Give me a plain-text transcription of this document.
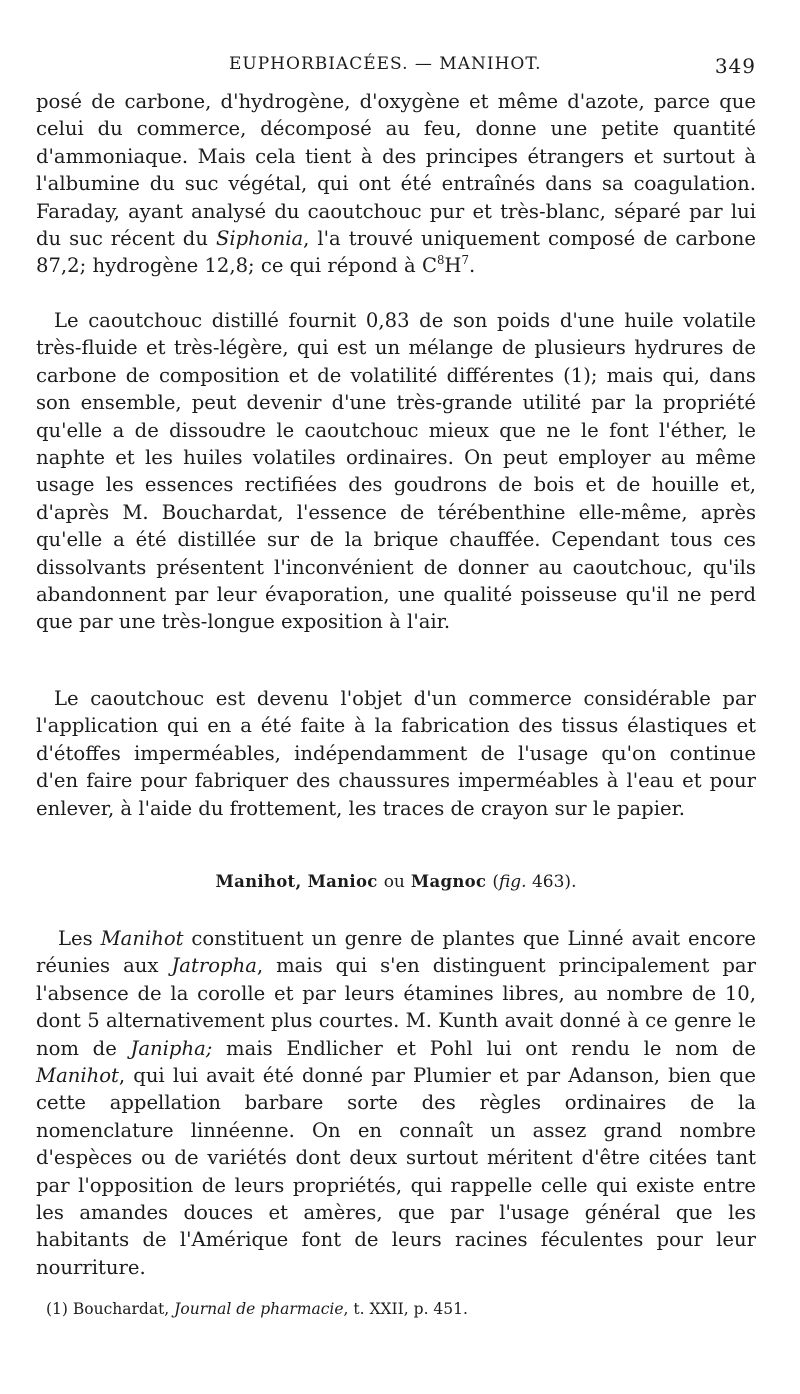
EUPHORBIACÉES. — MANIHOT.	349
posé de carbone, d'hydrogène, d'oxygène et même d'azote, parce que celui du commerce, décomposé au feu, donne une petite quantité d'ammoniaque. Mais cela tient à des principes étrangers et surtout à l'albumine du suc végétal, qui ont été entraînés dans sa coagulation. Faraday, ayant analysé du caoutchouc pur et très-blanc, séparé par lui du suc récent du Siphonia, l'a trouvé uniquement composé de carbone 87,2; hydrogène 12,8; ce qui répond à $C^8H^7$.
Le caoutchouc distillé fournit 0,83 de son poids d'une huile volatile très-fluide et très-légère, qui est un mélange de plusieurs hydrures de carbone de composition et de volatilité différentes (1); mais qui, dans son ensemble, peut devenir d'une très-grande utilité par la propriété qu'elle a de dissoudre le caoutchouc mieux que ne le font l'éther, le naphte et les huiles volatiles ordinaires. On peut employer au même usage les essences rectifiées des goudrons de bois et de houille et, d'après M. Bouchardat, l'essence de térébenthine elle-même, après qu'elle a été distillée sur de la brique chauffée. Cependant tous ces dissolvants présentent l'inconvénient de donner au caoutchouc, qu'ils abandonnent par leur évaporation, une qualité poisseuse qu'il ne perd que par une très-longue exposition à l'air.
Le caoutchouc est devenu l'objet d'un commerce considérable par l'application qui en a été faite à la fabrication des tissus élastiques et d'étoffes imperméables, indépendamment de l'usage qu'on continue d'en faire pour fabriquer des chaussures imperméables à l'eau et pour enlever, à l'aide du frottement, les traces de crayon sur le papier.
Manihot, Manioc ou Magnoc (fig. 463).
Les Manihot constituent un genre de plantes que Linné avait encore réunies aux Jatropha, mais qui s'en distinguent principalement par l'absence de la corolle et par leurs étamines libres, au nombre de 10, dont 5 alternativement plus courtes. M. Kunth avait donné à ce genre le nom de Janipha; mais Endlicher et Pohl lui ont rendu le nom de Manihot, qui lui avait été donné par Plumier et par Adanson, bien que cette appellation barbare sorte des règles ordinaires de la nomenclature linnéenne. On en connaît un assez grand nombre d'espèces ou de variétés dont deux surtout méritent d'être citées tant par l'opposition de leurs propriétés, qui rappelle celle qui existe entre les amandes douces et amères, que par l'usage général que les habitants de l'Amérique font de leurs racines féculentes pour leur nourriture.
(1) Bouchardat, Journal de pharmacie, t. XXII, p. 451.
